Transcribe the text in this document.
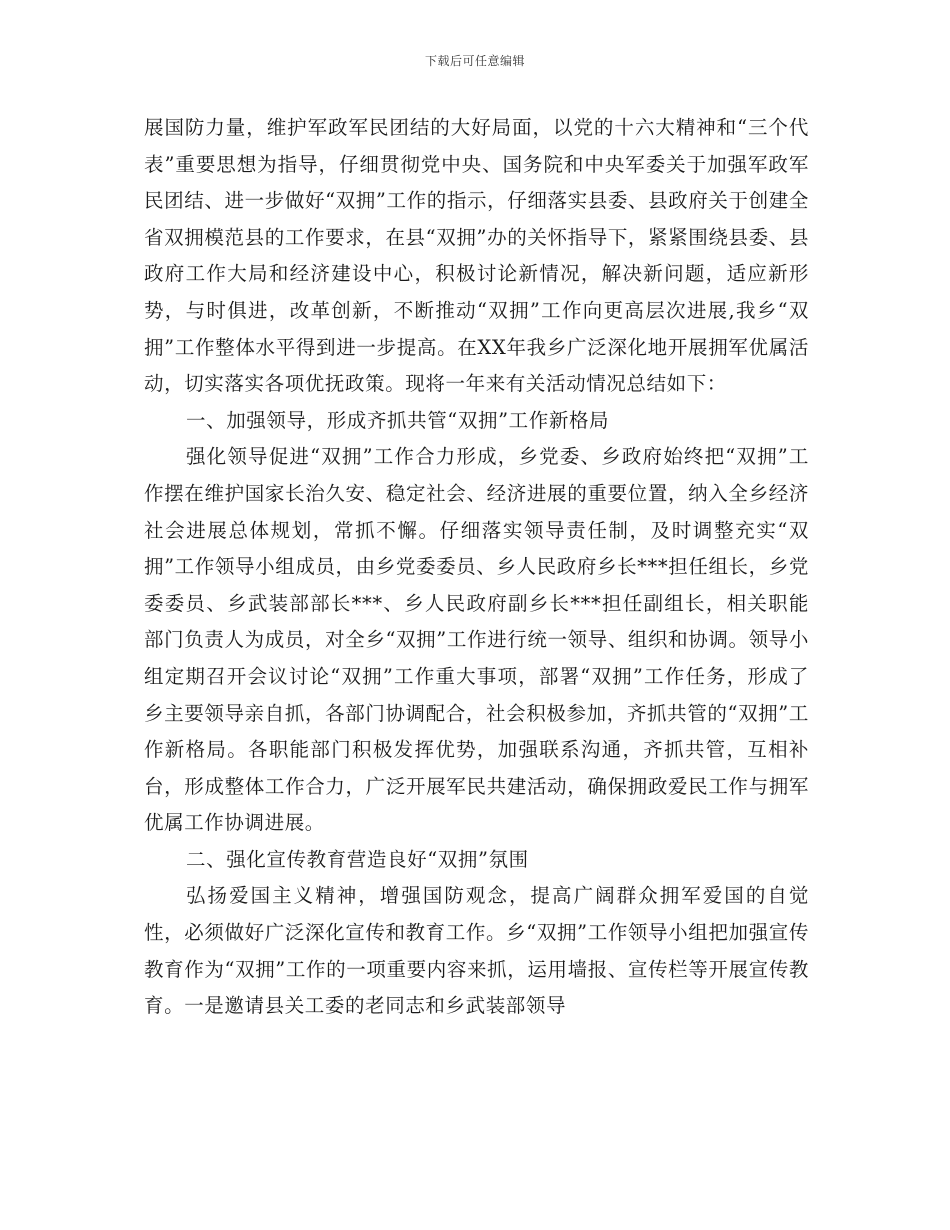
下载后可任意编辑

展国防力量，维护军政军民团结的大好局面，以党的十六大精神和“三个代表”重要思想为指导，仔细贯彻党中央、国务院和中央军委关于加强军政军民团结、进一步做好“双拥”工作的指示，仔细落实县委、县政府关于创建全省双拥模范县的工作要求，在县“双拥”办的关怀指导下，紧紧围绕县委、县政府工作大局和经济建设中心，积极讨论新情况，解决新问题，适应新形势，与时俱进，改革创新，不断推动“双拥”工作向更高层次进展,我乡“双拥”工作整体水平得到进一步提高。在XX年我乡广泛深化地开展拥军优属活动，切实落实各项优抚政策。现将一年来有关活动情况总结如下：

一、加强领导，形成齐抓共管“双拥”工作新格局

强化领导促进“双拥”工作合力形成，乡党委、乡政府始终把“双拥”工作摆在维护国家长治久安、稳定社会、经济进展的重要位置，纳入全乡经济社会进展总体规划，常抓不懈。仔细落实领导责任制，及时调整充实“双拥”工作领导小组成员，由乡党委委员、乡人民政府乡长***担任组长，乡党委委员、乡武装部部长***、乡人民政府副乡长***担任副组长，相关职能部门负责人为成员，对全乡“双拥”工作进行统一领导、组织和协调。领导小组定期召开会议讨论“双拥”工作重大事项，部署“双拥”工作任务，形成了乡主要领导亲自抓，各部门协调配合，社会积极参加，齐抓共管的“双拥”工作新格局。各职能部门积极发挥优势，加强联系沟通，齐抓共管，互相补台，形成整体工作合力，广泛开展军民共建活动，确保拥政爱民工作与拥军优属工作协调进展。

二、强化宣传教育营造良好“双拥”氛围

弘扬爱国主义精神，增强国防观念，提高广阔群众拥军爱国的自觉性，必须做好广泛深化宣传和教育工作。乡“双拥”工作领导小组把加强宣传教育作为“双拥”工作的一项重要内容来抓，运用墙报、宣传栏等开展宣传教育。一是邀请县关工委的老同志和乡武装部领导
